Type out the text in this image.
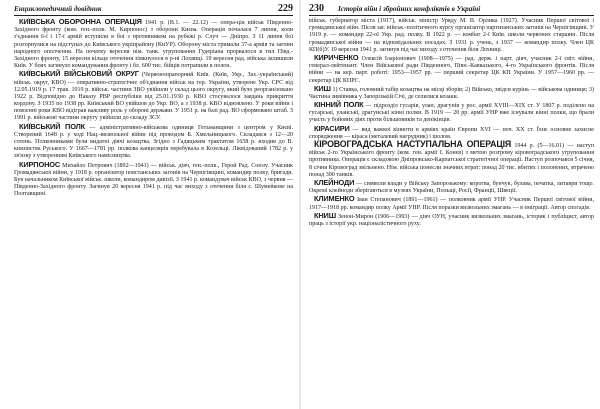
Енциклопедичний довідник	229

КИЇВСЬКА ОБОРОННА ОПЕРАЦІЯ 1941 р. (В.1. — 22.12) — опера-ція військ Південно-Західного фронту (ком. ген.-полк. М. Кирпонос) з оборони Києва. Операція почалася 7 липня, коли з'єднання 6-ї і 17-ї армій вступили в бої з противником на рубежі р. Случ — Дніпро. З 11 липня бої розгорнулися на підступах до Київського укріпрайону (КиУР). Оборону міста тримали 37-а армія та загони народного ополчення. На початку вересня нім. танк. угруповання Гудеріана прорвалося в тил Півд.-Західного фронту, 15 вересня кільце оточення зімкнулося в р-ні Лохвиці. 19 вересня рад. війська залишили Київ. У боях загинуло командування фронту і бл. 600 тис. бійців потрапили в полон.

КИЇВСЬКИЙ ВІЙСЬКОВИЙ ОКРУГ (Червонопрапорний Київ. (Київ, Укр., Зах.-український) військ. округ, КВО) — оперативно-стратегічне об'єднання військ на тер. України, утворене Укр. СРС від 12.05.1919 р. 17 трав. 1919 р. військ. частини ЗВО увійшли у склад цього округу, який було реорганізовано 1922 р. Відповідно до Наказу РВР республіки від 25.01.1930 р. КВО стосувалося завдань прикриття кордону. З 1935 по 1938 рр. Київський ВО увійшов до Укр. ВО, а з 1938 р. КВО відновлено. У роки війни і повоєнні роки КВО відіграв важливу роль у обороні держави. У 1951 р. на базі рад. ВО сформовано штаб. З 1991 р. військові частини округу увійшли до складу ЗСУ.

КИЇВСЬКИЙ ПОЛК — адміністративно-військова одиниця Гетьманщини з центром у Києві. Створений 1648 р. у ході Нац.-визвольної війни під проводом Б. Хмельницького. Складався з 12—20 сотень. Полковниками були видатні діячі козацтва. Згідно з Гадяцьким трактатом 1658 р. входив до В. князівства Руського. У 1667—1781 рр. полкова канцелярія перебувала в Козельці. Ліквідований 1782 р. у зв'язку з утворенням Київського намісництва.

КИРПОНОС Михайло Петрович (1892—1941) — військ. діяч, ген.-полк., Герой Рад. Союзу. Учасник Громадянської війни, у 1918 р. організатор повстанських загонів на Чернігівщині, командир полку, бригади. Був начальником Київської військ. школи, командиром дивізії. З 1941 р. командувач військ КВО, з червня — Південно-Західного фронту. Загинув 20 вересня 1941 р. під час виходу з оточення біля с. Шумейкове на Полтавщині.

230	Історія війн і збройних конфліктів в Україні

військ. губернатор міста (1917), військ. міністр Уряду М. В. Орлика (1927). Учасник Першої світової і громадянської війн. Після заг. військ.-політичного курсу організатор партизанських загонів на Чернігівщині. У 1919 р. — командир 22-ої Укр. рад. полку. В 1922 р. — комбат 2-ї Київ. школи червоних старшин. Після громадянської війни — на відповідальних посадах. З 1931 р. учень, з 1937 — командир полку. Член ЦК КП(б)У. 19 вересня 1941 р. загинув під час виходу з оточення біля Лохвиці.

КИРИЧЕНКО Олексій Іларіонович (1908—1975) — рад. держ. і парт. діяч, учасник 2-ї світ. війни, генерал-лейтенант. Член Військової ради Південного, Півн.-Кавказького, 4-го Українського фронтів. Після війни — на кер. парт. роботі: 1953—1957 рр. — перший секретар ЦК КП України. У 1957—1960 рр. — секретар ЦК КПРС.

КИШ 1) Ставка, головний табір козацтва на місці зборів; 2) Військо, звідси курінь — військова одиниця; 3) Частина зимівника у Запорізькій Січі, де селилися козаки.

КІННИЙ ПОЛК — підрозділ гусарів, улан, драгунів у рос. армії XVIII—XIX ст. У 1807 р. поділено на гусарські, уланські, драгунські кінні полки. В 1919 — 20 рр. армії УНР вже існували кінні полки, що брали участь у бойових діях проти більшовиків та денікінців.

КІРАСИРИ — вид важкої кінноти в арміях країн Європи XVI — поч. ХХ ст. Їхнє основне захисне спорядження — кіраса (металевий нагрудник) і шолом.

КІРОВОГРАДСЬКА НАСТУПАЛЬНА ОПЕРАЦІЯ 1944 р. (5—16.01) — наступ військ 2-го Українського фронту (ком. ген. армії І. Конєв) з метою розгрому кіровоградського угруповання противника. Операція є складовою Дніпровсько-Карпатської стратегічної операції. Наступ розпочався 5 січня, 8 січня Кіровоград звільнено. Нім. війська понесли значних втрат: понад 20 тис. вбитих і полонених, втрачено понад 300 танків.

КЛЕЙНОДИ — символи влади у Війську Запорозькому: корогва, бунчук, булава, печатка, литаври тощо. Окремі клейноди зберігаються в музеях України, Польщі, Росії, Франції, Швеції.

КЛИМЕНКО Іван Степанович (1891—1961) — полковник армії УНР. Учасник Першої світової війни, 1917—1918 рр. командир полку Армії УНР. Після поразки визвольних змагань — в еміграції. Автор спогадів.

КНИШ Зенон-Мирон (1906—1993) — діяч ОУН, учасник визвольних змагань, історик і публіцист, автор праць з історії укр. націоналістичного руху.
